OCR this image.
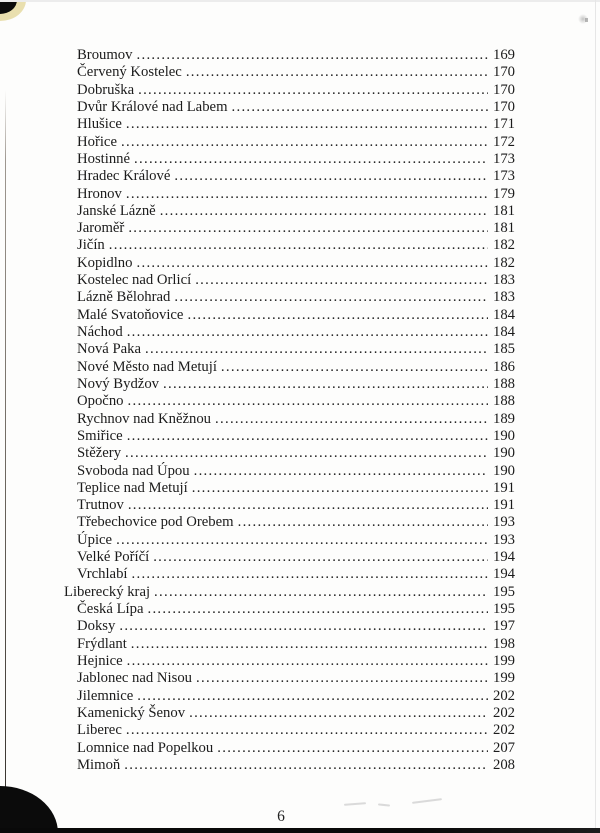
Broumov .....	169
Červený Kostelec .....	170
Dobruška .....	170
Dvůr Králové nad Labem .....	170
Hlušice .....	171
Hořice .....	172
Hostinné .....	173
Hradec Králové .....	173
Hronov .....	179
Janské Lázně .....	181
Jaroměř .....	181
Jičín .....	182
Kopidlno .....	182
Kostelec nad Orlicí .....	183
Lázně Bělohrad .....	183
Malé Svatoňovice .....	184
Náchod .....	184
Nová Paka .....	185
Nové Město nad Metují .....	186
Nový Bydžov .....	188
Opočno .....	188
Rychnov nad Kněžnou .....	189
Smiřice .....	190
Stěžery .....	190
Svoboda nad Úpou .....	190
Teplice nad Metují .....	191
Trutnov .....	191
Třebechovice pod Orebem .....	193
Úpice .....	193
Velké Poříčí .....	194
Vrchlabí .....	194
Liberecký kraj .....	195
Česká Lípa .....	195
Doksy .....	197
Frýdlant .....	198
Hejnice .....	199
Jablonec nad Nisou .....	199
Jilemnice .....	202
Kamenický Šenov .....	202
Liberec .....	202
Lomnice nad Popelkou .....	207
Mimoň .....	208
6
